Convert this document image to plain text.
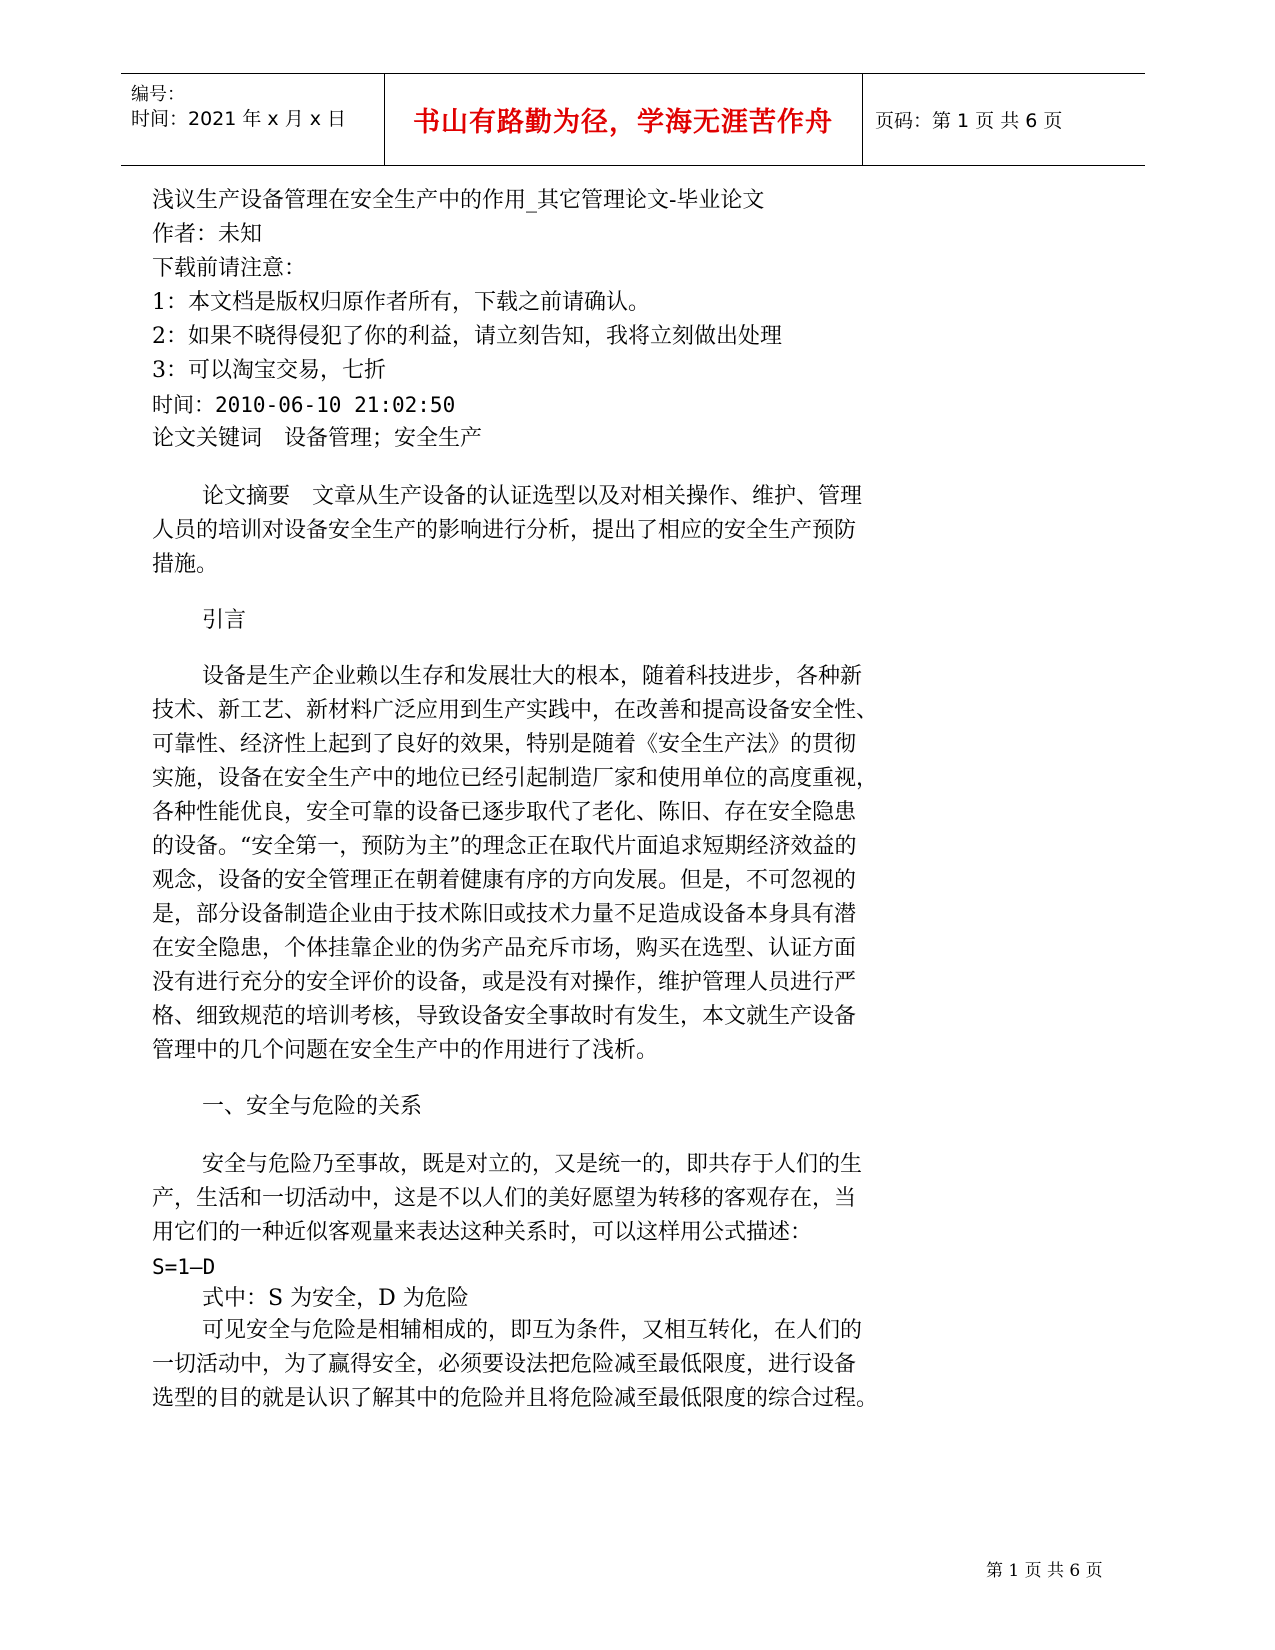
编号：
时间：2021 年 x 月 x 日 书山有路勤为径，学海无涯苦作舟 页码：第 1 页 共 6 页
浅议生产设备管理在安全生产中的作用_其它管理论文-毕业论文
作者：未知
下载前请注意：
1：本文档是版权归原作者所有，下载之前请确认。
2：如果不晓得侵犯了你的利益，请立刻告知，我将立刻做出处理
3：可以淘宝交易，七折
时间：2010-06-10 21:02:50
论文关键词　设备管理；安全生产
论文摘要　文章从生产设备的认证选型以及对相关操作、维护、管理
人员的培训对设备安全生产的影响进行分析，提出了相应的安全生产预防
措施。
引言
设备是生产企业赖以生存和发展壮大的根本，随着科技进步，各种新
技术、新工艺、新材料广泛应用到生产实践中，在改善和提高设备安全性、
可靠性、经济性上起到了良好的效果，特别是随着《安全生产法》的贯彻
实施，设备在安全生产中的地位已经引起制造厂家和使用单位的高度重视，
各种性能优良，安全可靠的设备已逐步取代了老化、陈旧、存在安全隐患
的设备。“安全第一，预防为主”的理念正在取代片面追求短期经济效益的
观念，设备的安全管理正在朝着健康有序的方向发展。但是，不可忽视的
是，部分设备制造企业由于技术陈旧或技术力量不足造成设备本身具有潜
在安全隐患，个体挂靠企业的伪劣产品充斥市场，购买在选型、认证方面
没有进行充分的安全评价的设备，或是没有对操作，维护管理人员进行严
格、细致规范的培训考核，导致设备安全事故时有发生，本文就生产设备
管理中的几个问题在安全生产中的作用进行了浅析。
一、安全与危险的关系
安全与危险乃至事故，既是对立的，又是统一的，即共存于人们的生
产，生活和一切活动中，这是不以人们的美好愿望为转移的客观存在，当
用它们的一种近似客观量来表达这种关系时，可以这样用公式描述：
S=1—D
式中：S 为安全，D 为危险
可见安全与危险是相辅相成的，即互为条件，又相互转化，在人们的
一切活动中，为了赢得安全，必须要设法把危险减至最低限度，进行设备
选型的目的就是认识了解其中的危险并且将危险减至最低限度的综合过程。
第 1 页 共 6 页
